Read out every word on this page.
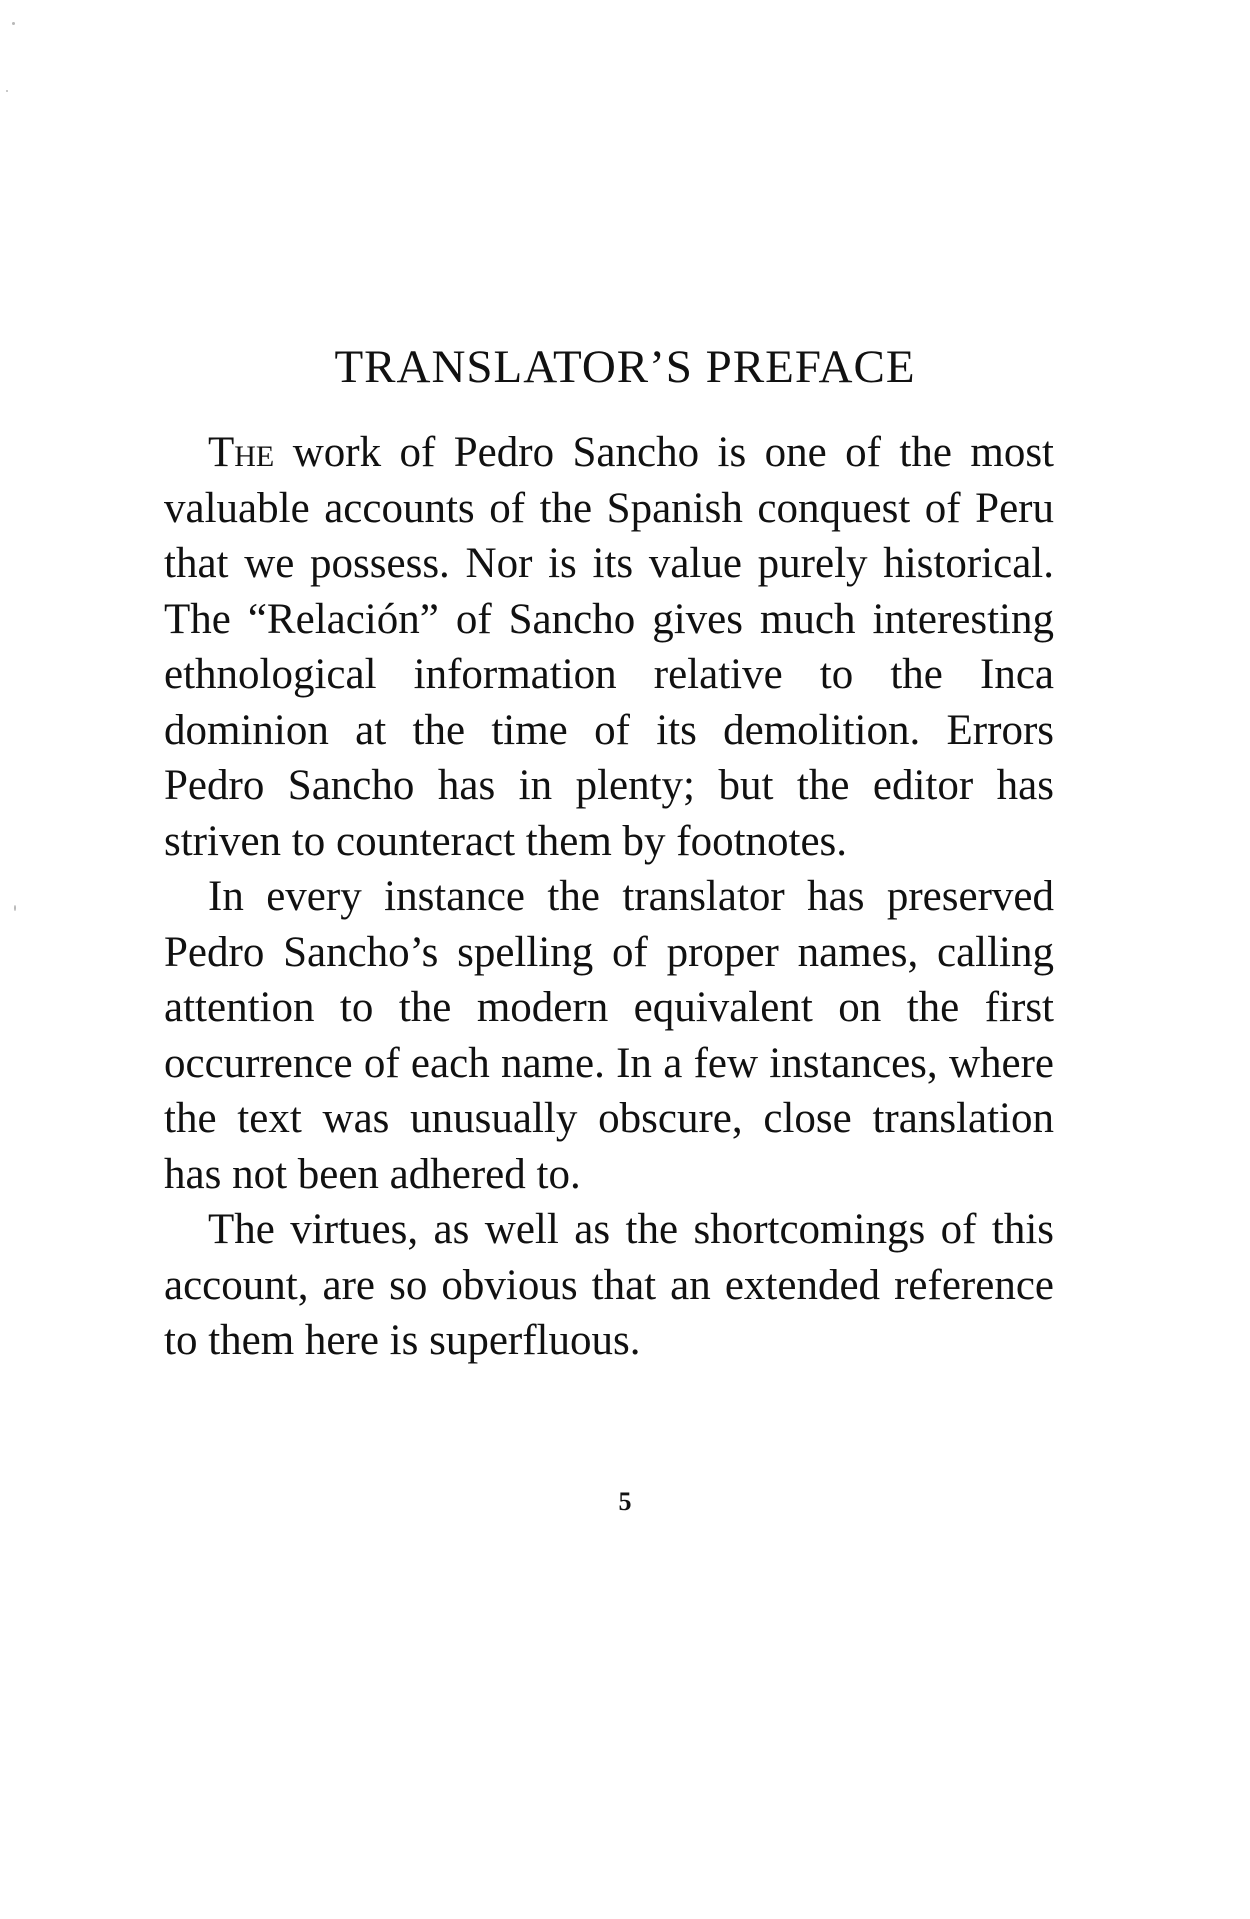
TRANSLATOR’S PREFACE

The work of Pedro Sancho is one of the most valuable accounts of the Spanish conquest of Peru that we possess. Nor is its value purely historical. The “Relación” of Sancho gives much interesting ethnological information relative to the Inca dominion at the time of its demolition. Errors Pedro Sancho has in plenty; but the editor has striven to counteract them by footnotes.

In every instance the translator has preserved Pedro Sancho’s spelling of proper names, calling attention to the modern equivalent on the first occurrence of each name. In a few instances, where the text was unusually obscure, close translation has not been adhered to.

The virtues, as well as the shortcomings of this account, are so obvious that an extended reference to them here is superfluous.

5
